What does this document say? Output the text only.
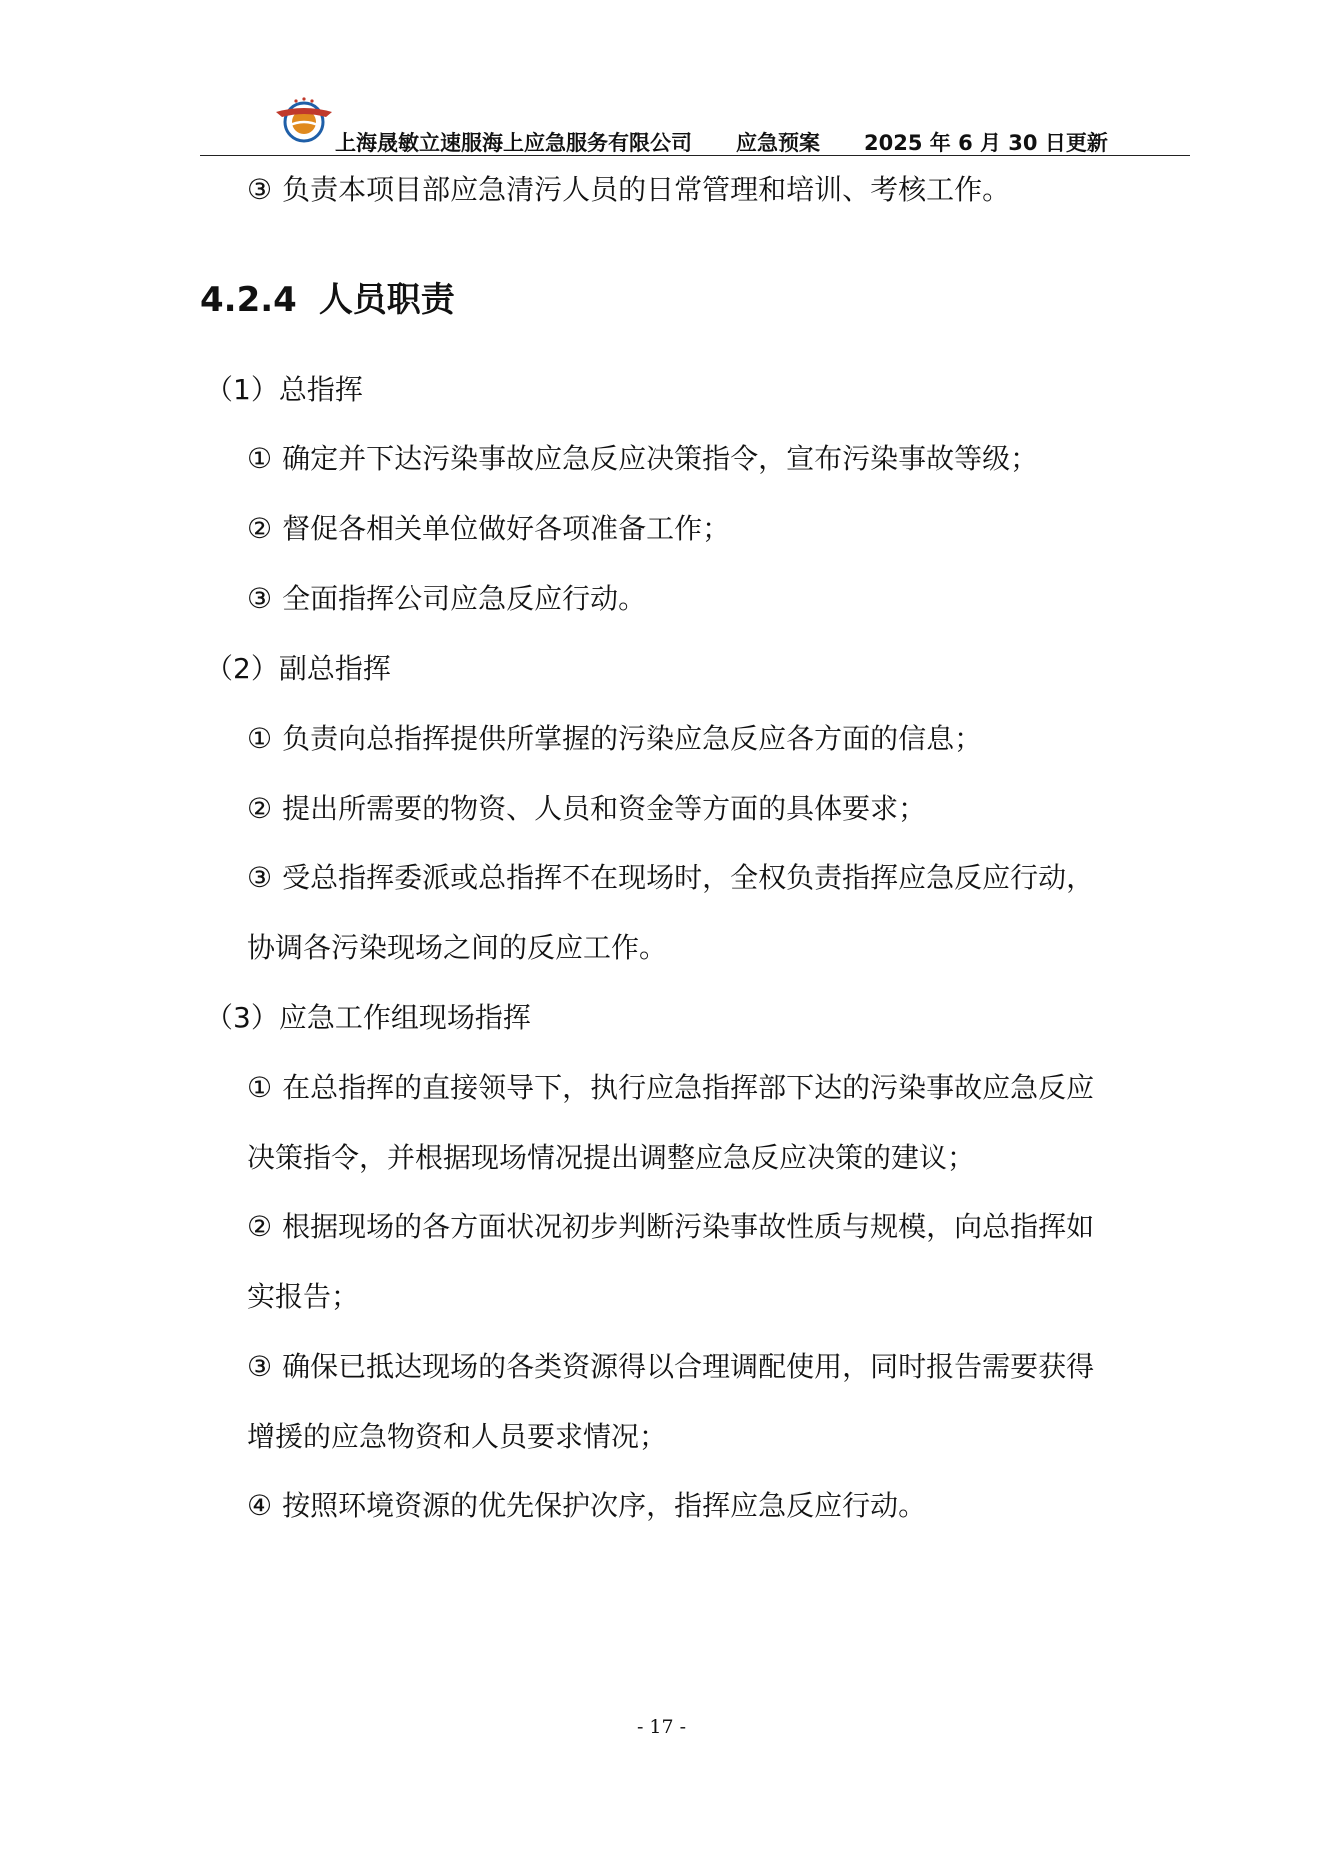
上海晟敏立速服海上应急服务有限公司 应急预案 2025 年 6 月 30 日更新
③ 负责本项目部应急清污人员的日常管理和培训、考核工作。
4.2.4 人员职责
（1）总指挥
① 确定并下达污染事故应急反应决策指令，宣布污染事故等级；
② 督促各相关单位做好各项准备工作；
③ 全面指挥公司应急反应行动。
（2）副总指挥
① 负责向总指挥提供所掌握的污染应急反应各方面的信息；
② 提出所需要的物资、人员和资金等方面的具体要求；
③ 受总指挥委派或总指挥不在现场时，全权负责指挥应急反应行动，
协调各污染现场之间的反应工作。
（3）应急工作组现场指挥
① 在总指挥的直接领导下，执行应急指挥部下达的污染事故应急反应
决策指令，并根据现场情况提出调整应急反应决策的建议；
② 根据现场的各方面状况初步判断污染事故性质与规模，向总指挥如
实报告；
③ 确保已抵达现场的各类资源得以合理调配使用，同时报告需要获得
增援的应急物资和人员要求情况；
④ 按照环境资源的优先保护次序，指挥应急反应行动。
- 17 -
